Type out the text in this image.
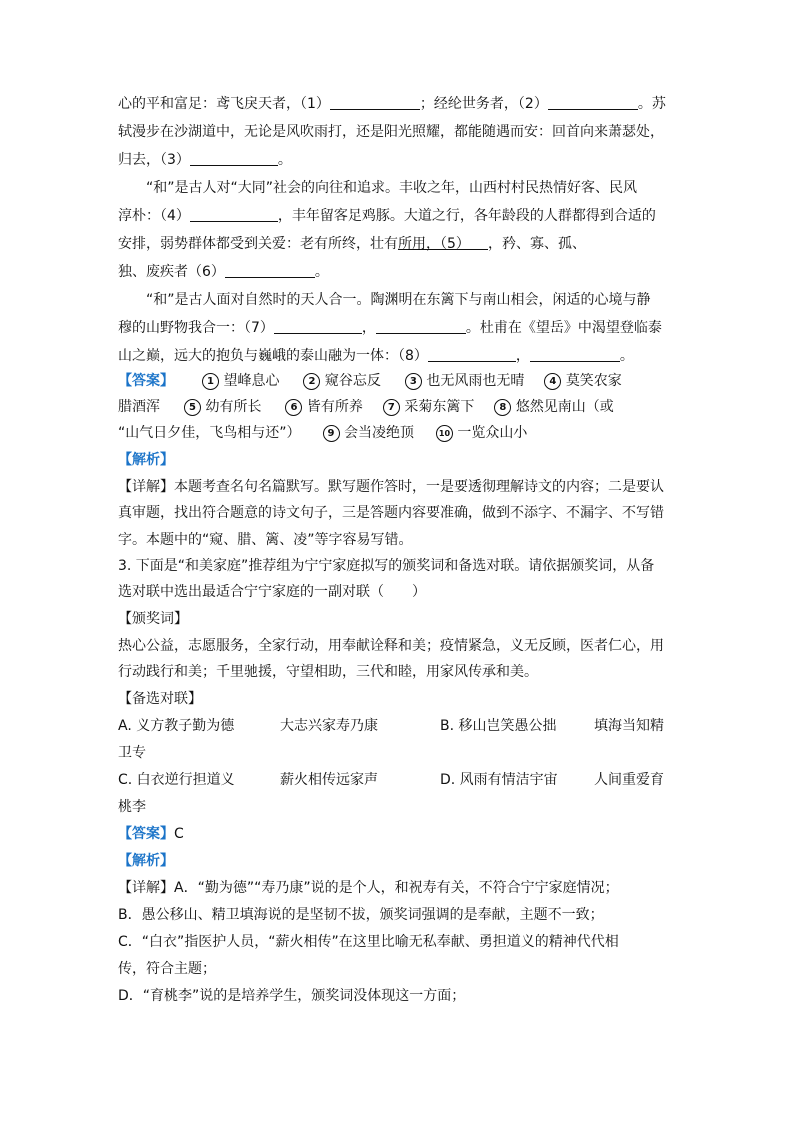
心的平和富足：鸢飞戾天者，（1）	；经纶世务者，（2）	。苏
轼漫步在沙湖道中，无论是风吹雨打，还是阳光照耀，都能随遇而安：回首向来萧瑟处，
归去，（3）	。
“和”是古人对“大同”社会的向往和追求。丰收之年，山西村村民热情好客、民风
淳朴：（4）	，丰年留客足鸡豚。大道之行，各年龄段的人群都得到合适的
安排，弱势群体都受到关爱：老有所终，壮有所用，（5）	，矜、寡、孤、
独、废疾者（6）	。
“和”是古人面对自然时的天人合一。陶渊明在东篱下与南山相会，闲适的心境与静
穆的山野物我合一：（7）	，	。杜甫在《望岳》中渴望登临泰
山之巅，远大的抱负与巍峨的泰山融为一体：（8）	，	。
【答案】	1 望峰息心	2 窥谷忘反	3 也无风雨也无晴	4 莫笑农家
腊酒浑	5 幼有所长	6 皆有所养	7 采菊东篱下	8 悠然见南山（或
“山气日夕佳，飞鸟相与还”）	9 会当凌绝顶	10 一览众山小
【解析】
【详解】本题考查名句名篇默写。默写题作答时，一是要透彻理解诗文的内容；二是要认
真审题，找出符合题意的诗文句子，三是答题内容要准确，做到不添字、不漏字、不写错
字。本题中的“窥、腊、篱、凌”等字容易写错。
3. 下面是“和美家庭”推荐组为宁宁家庭拟写的颁奖词和备选对联。请依据颁奖词，从备
选对联中选出最适合宁宁家庭的一副对联（　　）
【颁奖词】
热心公益，志愿服务，全家行动，用奉献诠释和美；疫情紧急，义无反顾，医者仁心，用
行动践行和美；千里驰援，守望相助，三代和睦，用家风传承和美。
【备选对联】
A. 义方教子勤为德	大志兴家寿乃康	B. 移山岂笑愚公拙	填海当知精
卫专
C. 白衣逆行担道义	薪火相传远家声	D. 风雨有情洁宇宙	人间重爱育
桃李
【答案】C
【解析】
【详解】A．“勤为德”“寿乃康”说的是个人，和祝寿有关，不符合宁宁家庭情况；
B．愚公移山、精卫填海说的是坚韧不拔，颁奖词强调的是奉献，主题不一致；
C．“白衣”指医护人员，“薪火相传”在这里比喻无私奉献、勇担道义的精神代代相
传，符合主题；
D．“育桃李”说的是培养学生，颁奖词没体现这一方面；
